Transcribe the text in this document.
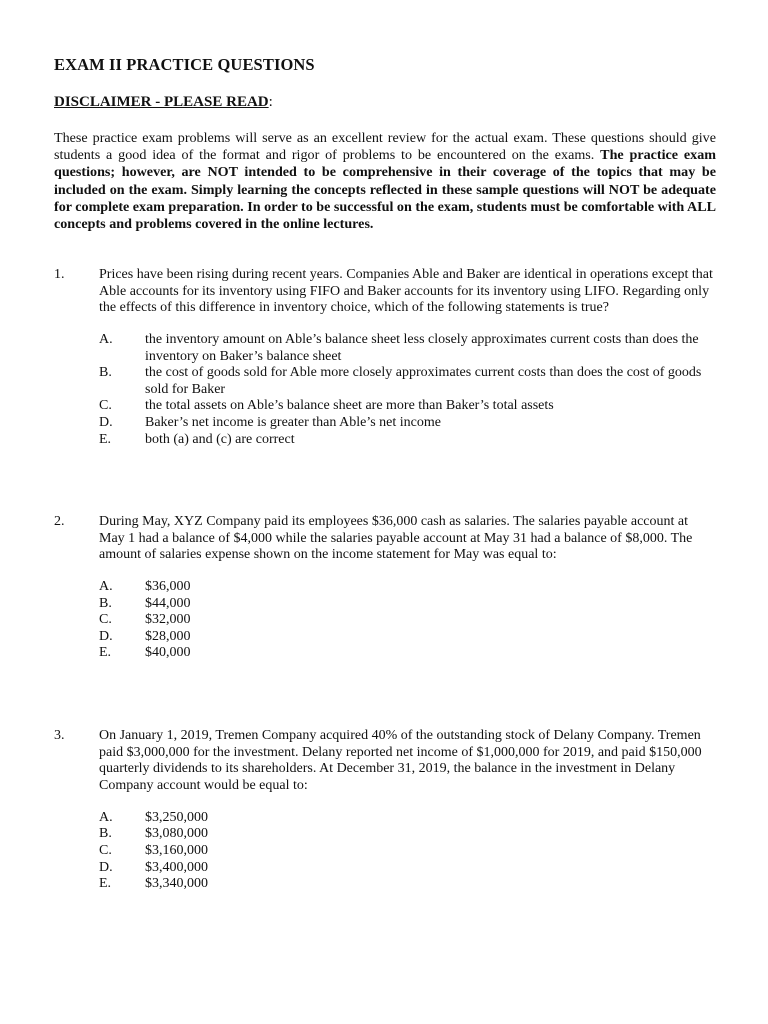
EXAM II PRACTICE QUESTIONS
DISCLAIMER - PLEASE READ:
These practice exam problems will serve as an excellent review for the actual exam. These questions should give students a good idea of the format and rigor of problems to be encountered on the exams. The practice exam questions; however, are NOT intended to be comprehensive in their coverage of the topics that may be included on the exam. Simply learning the concepts reflected in these sample questions will NOT be adequate for complete exam preparation. In order to be successful on the exam, students must be comfortable with ALL concepts and problems covered in the online lectures.
1. Prices have been rising during recent years. Companies Able and Baker are identical in operations except that Able accounts for its inventory using FIFO and Baker accounts for its inventory using LIFO. Regarding only the effects of this difference in inventory choice, which of the following statements is true?
A.	the inventory amount on Able’s balance sheet less closely approximates current costs than does the inventory on Baker’s balance sheet
B.	the cost of goods sold for Able more closely approximates current costs than does the cost of goods sold for Baker
C.	the total assets on Able’s balance sheet are more than Baker’s total assets
D.	Baker’s net income is greater than Able’s net income
E.	both (a) and (c) are correct
2. During May, XYZ Company paid its employees $36,000 cash as salaries. The salaries payable account at May 1 had a balance of $4,000 while the salaries payable account at May 31 had a balance of $8,000. The amount of salaries expense shown on the income statement for May was equal to:
A.	$36,000
B.	$44,000
C.	$32,000
D.	$28,000
E.	$40,000
3. On January 1, 2019, Tremen Company acquired 40% of the outstanding stock of Delany Company. Tremen paid $3,000,000 for the investment. Delany reported net income of $1,000,000 for 2019, and paid $150,000 quarterly dividends to its shareholders. At December 31, 2019, the balance in the investment in Delany Company account would be equal to:
A.	$3,250,000
B.	$3,080,000
C.	$3,160,000
D.	$3,400,000
E.	$3,340,000
